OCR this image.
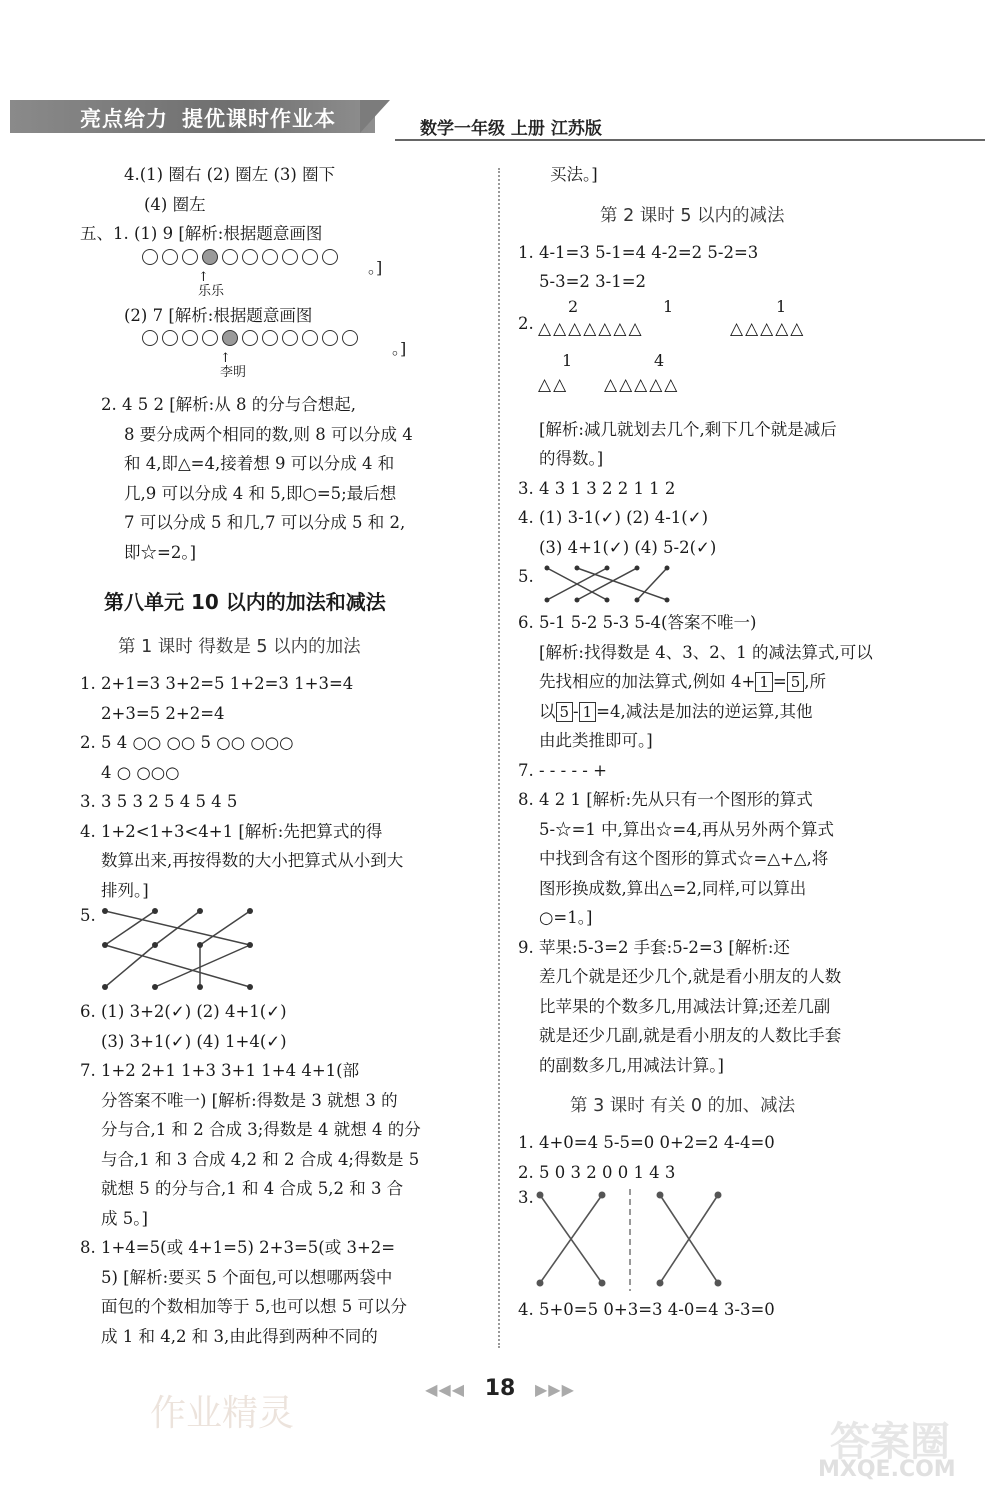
亮点给力 提优课时作业本	数学一年级 上册 江苏版
4.(1) 圈右 (2) 圈左 (3) 圈下
(4) 圈左
五、1. (1) 9 [解析:根据题意画图
。]
↑
乐乐
(2) 7 [解析:根据题意画图
。]
↑
李明
2. 4 5 2 [解析:从 8 的分与合想起,
8 要分成两个相同的数,则 8 可以分成 4
和 4,即△=4,接着想 9 可以分成 4 和
几,9 可以分成 4 和 5,即○=5;最后想
7 可以分成 5 和几,7 可以分成 5 和 2,
即☆=2。]
第八单元 10 以内的加法和减法
第 1 课时 得数是 5 以内的加法
1. 2+1=3 3+2=5 1+2=3 1+3=4
2+3=5 2+2=4
2. 5 4 ○○ ○○ 5 ○○ ○○○
4 ○ ○○○
3. 3 5 3 2 5 4 5 4 5
4. 1+2<1+3<4+1 [解析:先把算式的得
数算出来,再按得数的大小把算式从小到大
排列。]
5.
6. (1) 3+2(✓) (2) 4+1(✓)
(3) 3+1(✓) (4) 1+4(✓)
7. 1+2 2+1 1+3 3+1 1+4 4+1(部
分答案不唯一) [解析:得数是 3 就想 3 的
分与合,1 和 2 合成 3;得数是 4 就想 4 的分
与合,1 和 3 合成 4,2 和 2 合成 4;得数是 5
就想 5 的分与合,1 和 4 合成 5,2 和 3 合
成 5。]
8. 1+4=5(或 4+1=5) 2+3=5(或 3+2=
5) [解析:要买 5 个面包,可以想哪两袋中
面包的个数相加等于 5,也可以想 5 可以分
成 1 和 4,2 和 3,由此得到两种不同的
买法。]
第 2 课时 5 以内的减法
1. 4-1=3 5-1=4 4-2=2 5-2=3
5-3=2 3-1=2
2	1	1
2. △△△△△△△	△△△△△
1	4
△△ △△△△△
[解析:减几就划去几个,剩下几个就是减后
的得数。]
3. 4 3 1 3 2 2 1 1 2
4. (1) 3-1(✓) (2) 4-1(✓)
(3) 4+1(✓) (4) 5-2(✓)
5.
6. 5-1 5-2 5-3 5-4(答案不唯一)
[解析:找得数是 4、3、2、1 的减法算式,可以
先找相应的加法算式,例如 4+ 1 = 5 ,所
以 5 - 1 =4,减法是加法的逆运算,其他
由此类推即可。]
7. - - - - - +
8. 4 2 1 [解析:先从只有一个图形的算式
5-☆=1 中,算出☆=4,再从另外两个算式
中找到含有这个图形的算式☆=△+△,将
图形换成数,算出△=2,同样,可以算出
○=1。]
9. 苹果:5-3=2 手套:5-2=3 [解析:还
差几个就是还少几个,就是看小朋友的人数
比苹果的个数多几,用减法计算;还差几副
就是还少几副,就是看小朋友的人数比手套
的副数多几,用减法计算。]
第 3 课时 有关 0 的加、减法
1. 4+0=4 5-5=0 0+2=2 4-4=0
2. 5 0 3 2 0 0 1 4 3
3.
4. 5+0=5 0+3=3 4-0=4 3-3=0
◀◀◀ 18 ▶▶▶
作业精灵
答案圈
MXQE.COM
